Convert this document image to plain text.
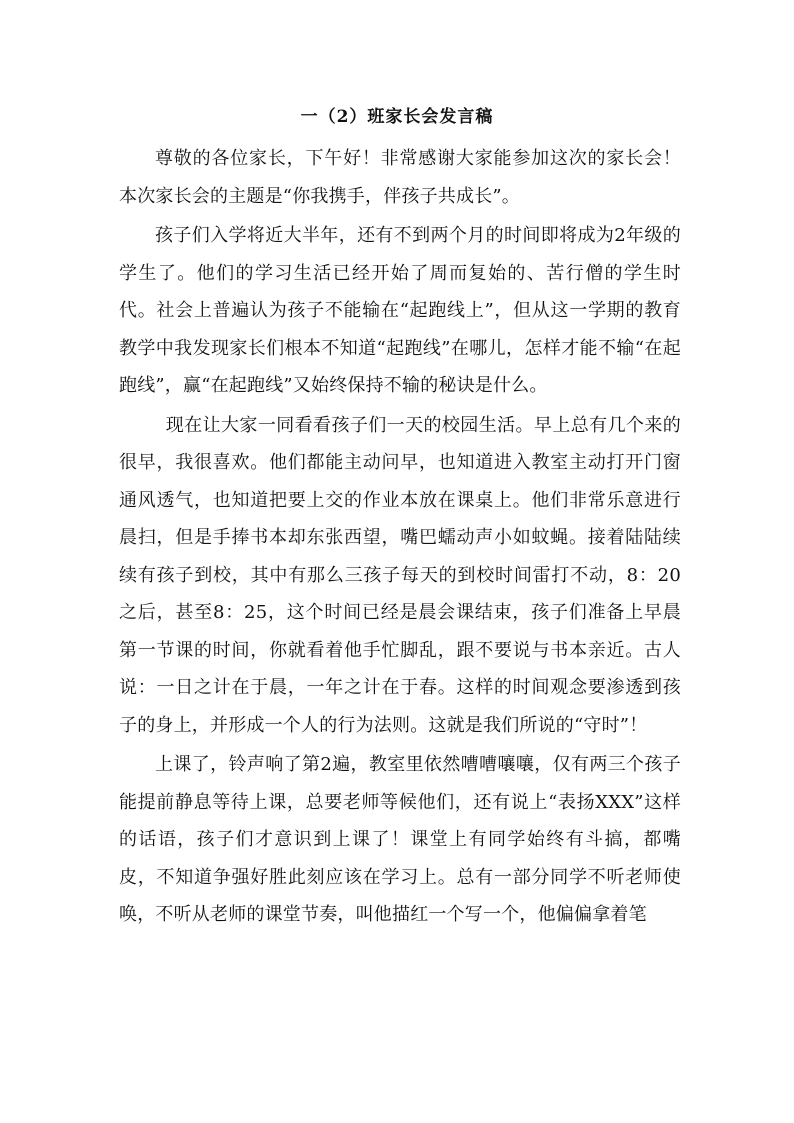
一（2）班家长会发言稿

尊敬的各位家长，下午好！非常感谢大家能参加这次的家长会！本次家长会的主题是“你我携手，伴孩子共成长”。

孩子们入学将近大半年，还有不到两个月的时间即将成为2年级的学生了。他们的学习生活已经开始了周而复始的、苦行僧的学生时代。社会上普遍认为孩子不能输在“起跑线上”，但从这一学期的教育教学中我发现家长们根本不知道“起跑线”在哪儿，怎样才能不输“在起跑线”，赢“在起跑线”又始终保持不输的秘诀是什么。

现在让大家一同看看孩子们一天的校园生活。早上总有几个来的很早，我很喜欢。他们都能主动问早，也知道进入教室主动打开门窗通风透气，也知道把要上交的作业本放在课桌上。他们非常乐意进行晨扫，但是手捧书本却东张西望，嘴巴蠕动声小如蚊蝇。接着陆陆续续有孩子到校，其中有那么三孩子每天的到校时间雷打不动，8：20之后，甚至8：25，这个时间已经是晨会课结束，孩子们准备上早晨第一节课的时间，你就看着他手忙脚乱，跟不要说与书本亲近。古人说：一日之计在于晨，一年之计在于春。这样的时间观念要渗透到孩子的身上，并形成一个人的行为法则。这就是我们所说的“守时”！

上课了，铃声响了第2遍，教室里依然嘈嘈嚷嚷，仅有两三个孩子能提前静息等待上课，总要老师等候他们，还有说上“表扬XXX”这样的话语，孩子们才意识到上课了！课堂上有同学始终有斗搞，都嘴皮，不知道争强好胜此刻应该在学习上。总有一部分同学不听老师使唤，不听从老师的课堂节奏，叫他描红一个写一个，他偏偏拿着笔
